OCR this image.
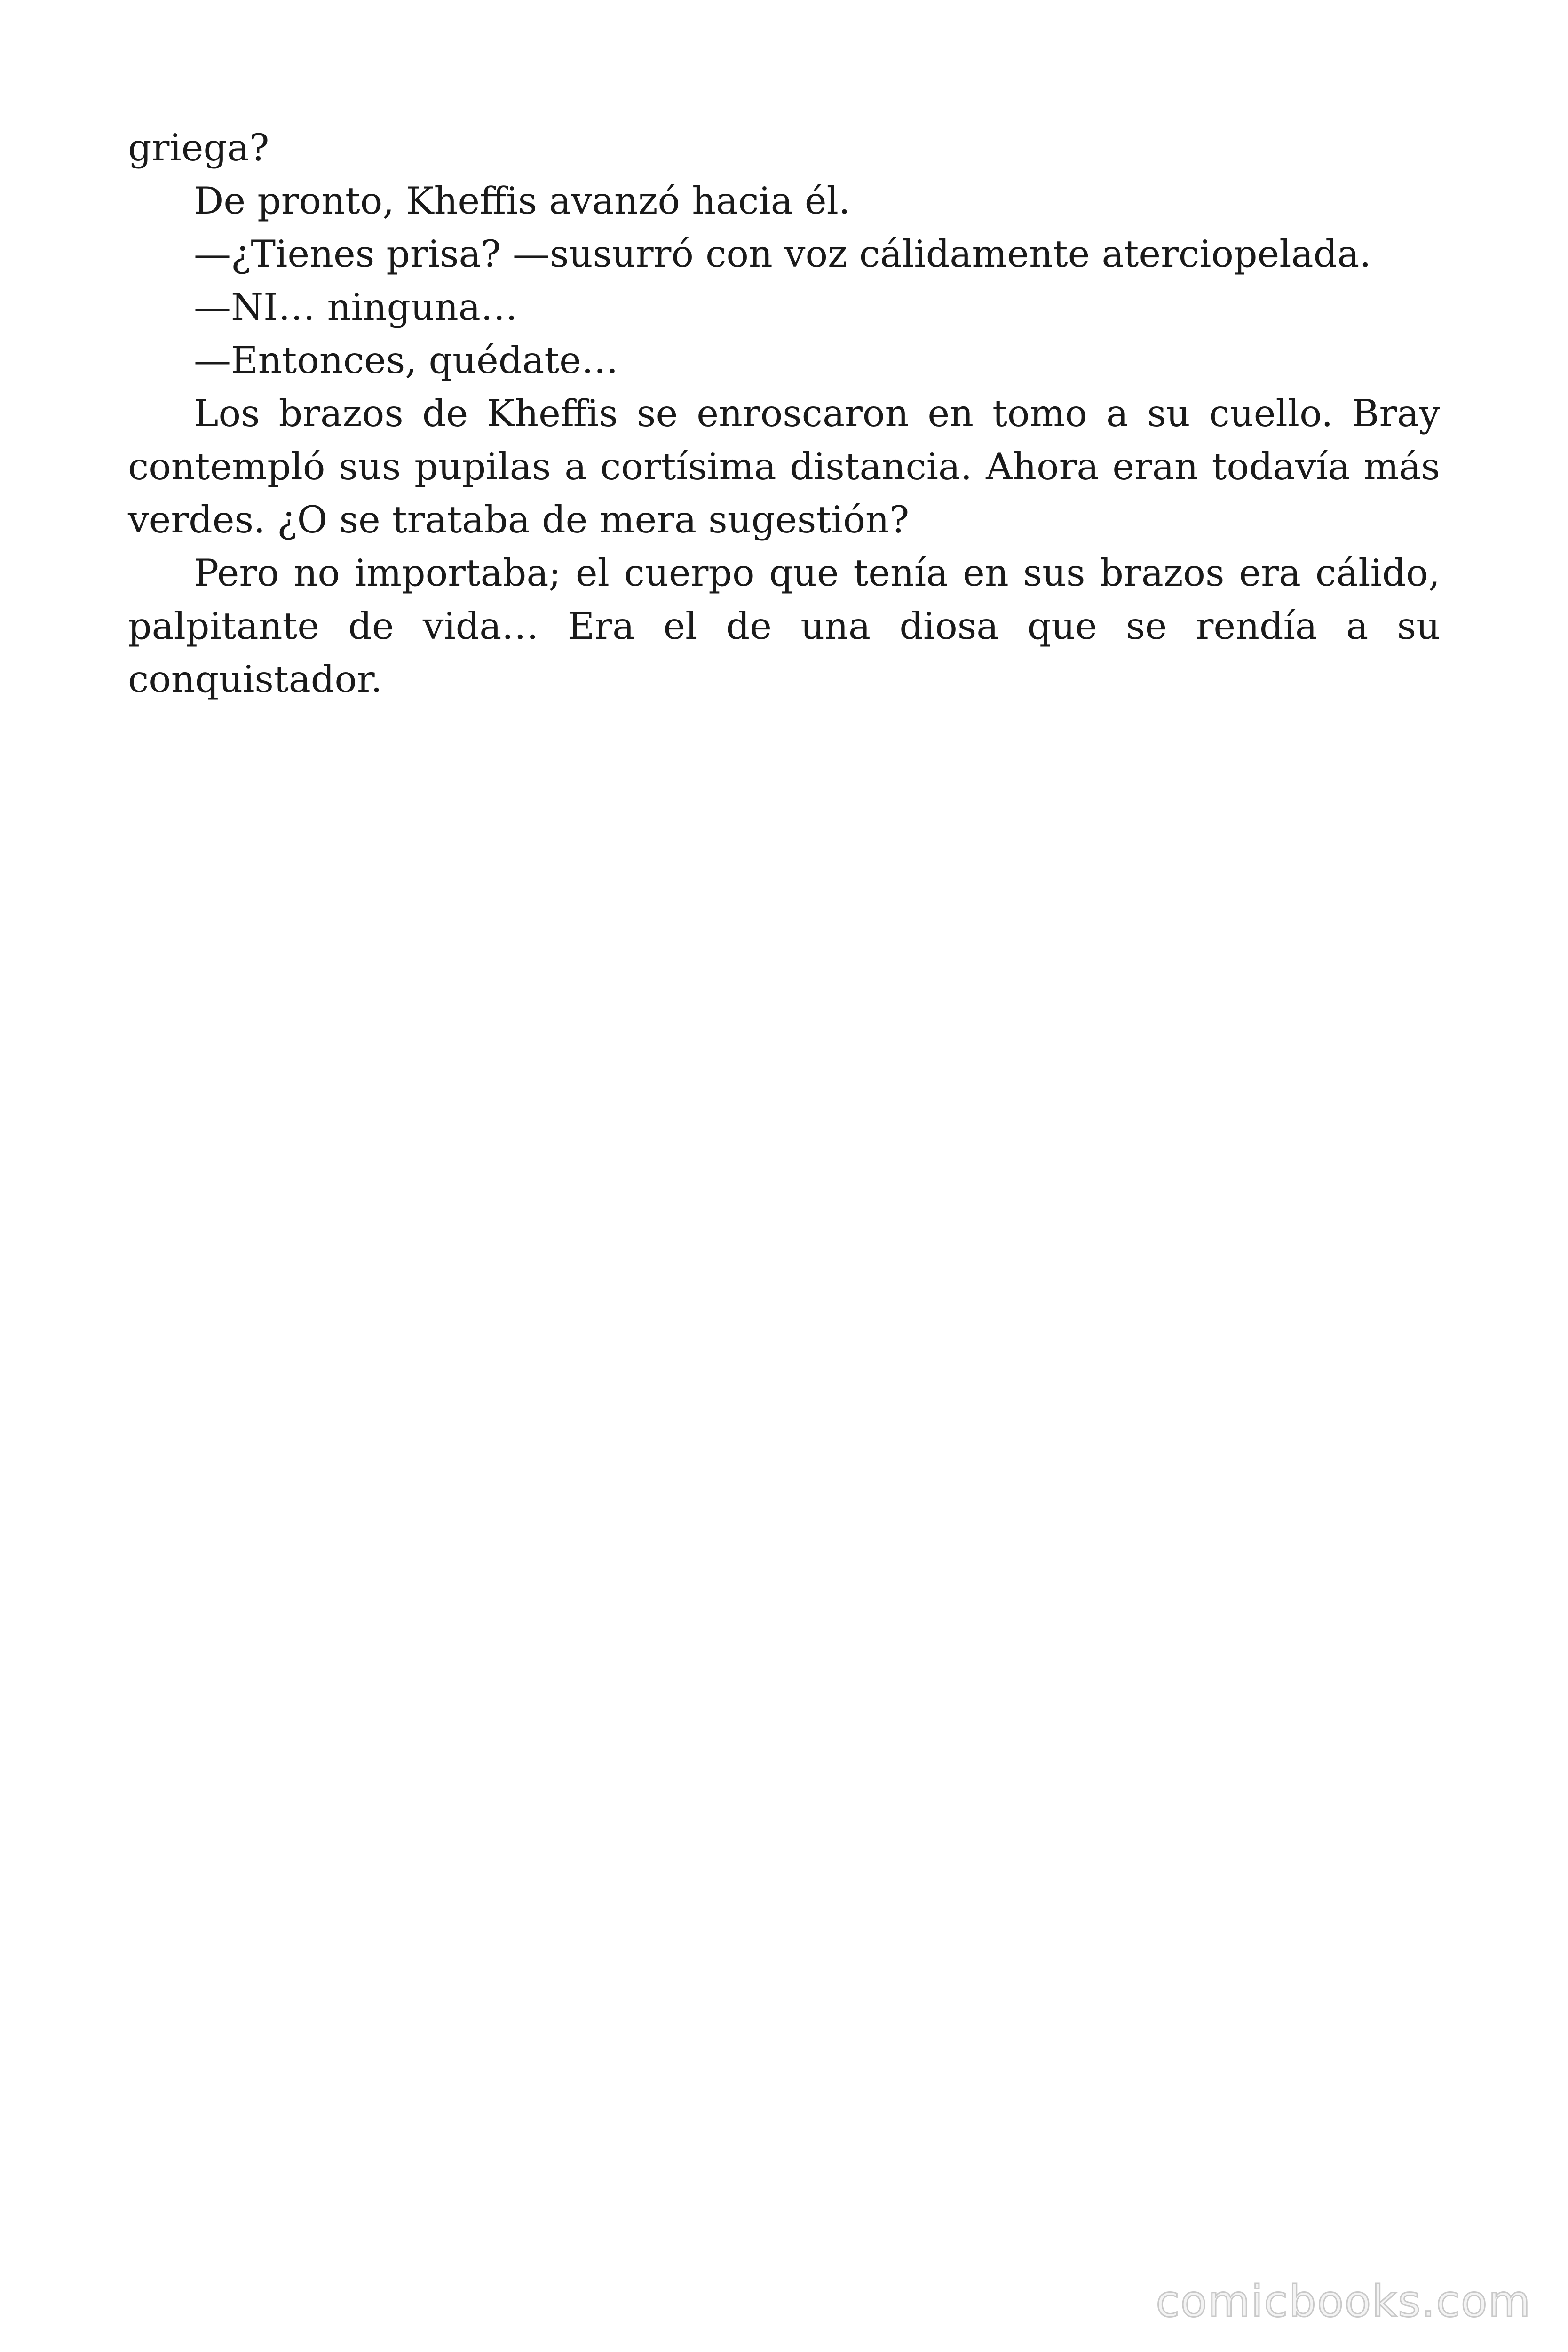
griega?

De pronto, Kheffis avanzó hacia él.

—¿Tienes prisa? —susurró con voz cálidamente aterciopelada.

—NI… ninguna…

—Entonces, quédate…

Los brazos de Kheffis se enroscaron en tomo a su cuello. Bray contempló sus pupilas a cortísima distancia. Ahora eran todavía más verdes. ¿O se trataba de mera sugestión?

Pero no importaba; el cuerpo que tenía en sus brazos era cálido, palpitante de vida… Era el de una diosa que se rendía a su conquistador.

comicbooks.com
